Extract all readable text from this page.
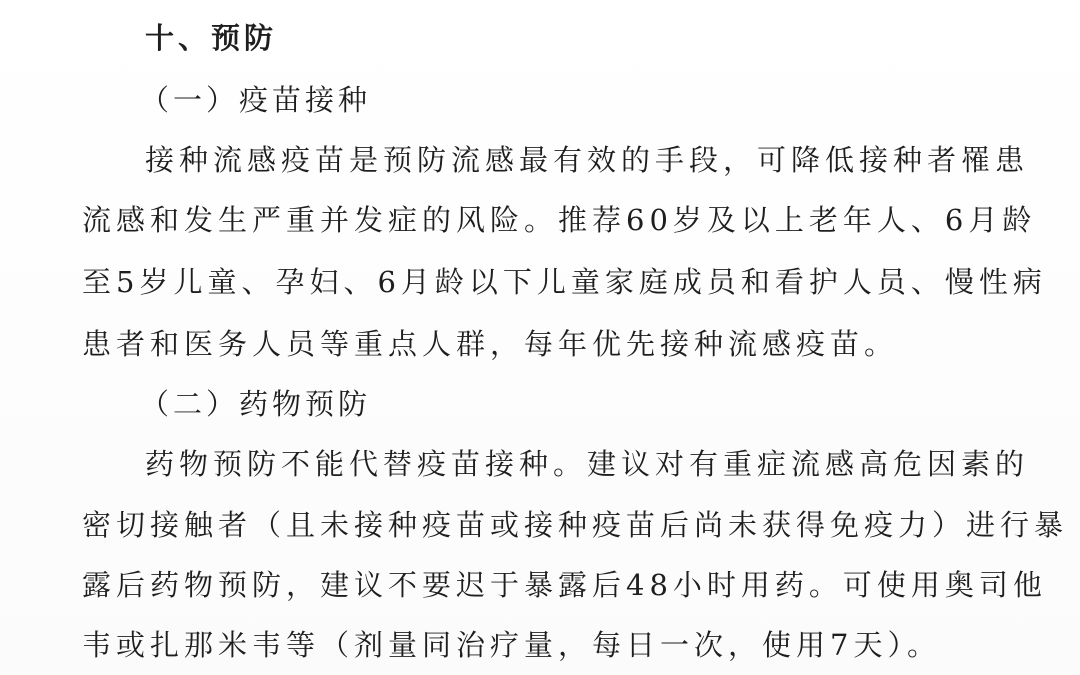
十、预防
（一）疫苗接种
接种流感疫苗是预防流感最有效的手段，可降低接种者罹患
流感和发生严重并发症的风险。推荐60岁及以上老年人、6月龄
至5岁儿童、孕妇、6月龄以下儿童家庭成员和看护人员、慢性病
患者和医务人员等重点人群，每年优先接种流感疫苗。
（二）药物预防
药物预防不能代替疫苗接种。建议对有重症流感高危因素的
密切接触者（且未接种疫苗或接种疫苗后尚未获得免疫力）进行暴
露后药物预防，建议不要迟于暴露后48小时用药。可使用奥司他
韦或扎那米韦等（剂量同治疗量，每日一次，使用7天）。
